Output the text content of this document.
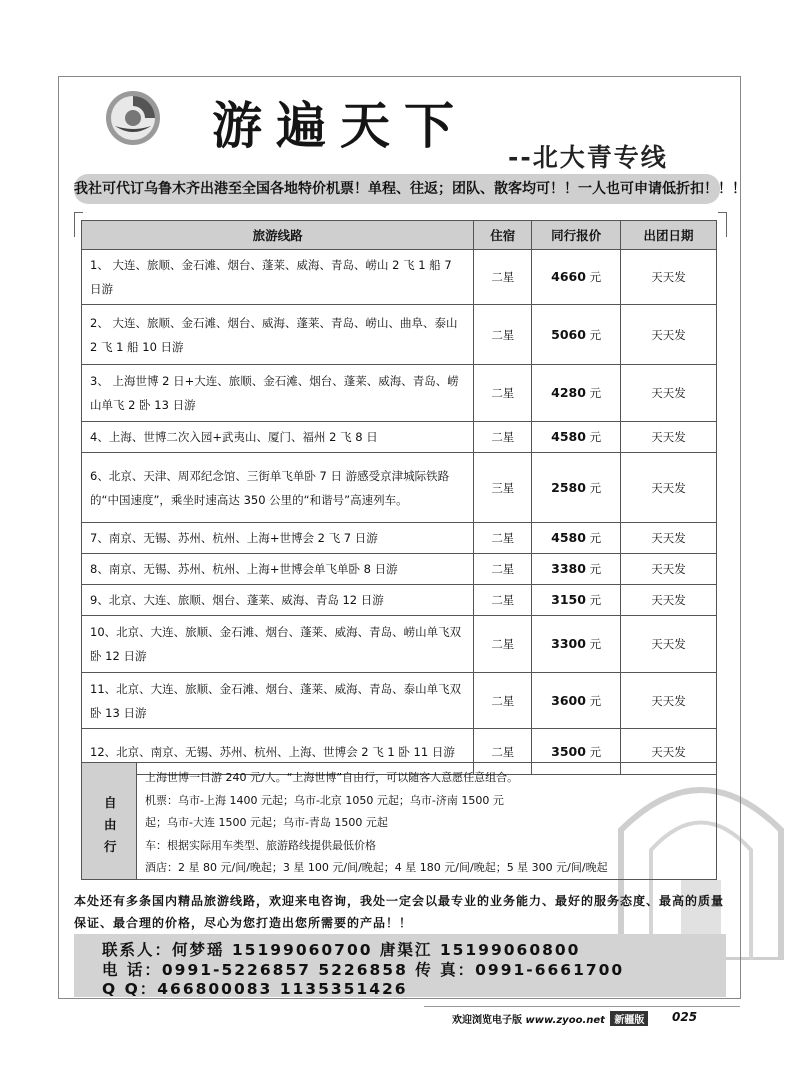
游遍天下
--北大青专线
我社可代订乌鲁木齐出港至全国各地特价机票！单程、往返；团队、散客均可！！一人也可申请低折扣！！！
旅游线路	住宿	同行报价	出团日期
1、 大连、旅顺、金石滩、烟台、蓬莱、威海、青岛、崂山 2 飞 1 船 7 日游	二星	4660 元	天天发
2、 大连、旅顺、金石滩、烟台、威海、蓬莱、青岛、崂山、曲阜、泰山 2 飞 1 船 10 日游	二星	5060 元	天天发
3、 上海世博 2 日+大连、旅顺、金石滩、烟台、蓬莱、威海、青岛、崂山单飞 2 卧 13 日游	二星	4280 元	天天发
4、上海、世博二次入园+武夷山、厦门、福州 2 飞 8 日	二星	4580 元	天天发
6、北京、天津、周邓纪念馆、三街单飞单卧 7 日 游感受京津城际铁路的“中国速度”，乘坐时速高达 350 公里的“和谐号”高速列车。	三星	2580 元	天天发
7、南京、无锡、苏州、杭州、上海+世博会 2 飞 7 日游	二星	4580 元	天天发
8、南京、无锡、苏州、杭州、上海+世博会单飞单卧 8 日游	二星	3380 元	天天发
9、北京、大连、旅顺、烟台、蓬莱、威海、青岛 12 日游	二星	3150 元	天天发
10、北京、大连、旅顺、金石滩、烟台、蓬莱、威海、青岛、崂山单飞双卧 12 日游	二星	3300 元	天天发
11、北京、大连、旅顺、金石滩、烟台、蓬莱、威海、青岛、泰山单飞双卧 13 日游	二星	3600 元	天天发
12、北京、南京、无锡、苏州、杭州、上海、世博会 2 飞 1 卧 11 日游	二星	3500 元	天天发
自
由
行
上海世博一日游 240 元/人。“上海世博”自由行，可以随客人意愿任意组合。
机票：乌市-上海 1400 元起；乌市-北京 1050 元起；乌市-济南 1500 元
起；乌市-大连 1500 元起；乌市-青岛 1500 元起
车：根据实际用车类型、旅游路线提供最低价格
酒店：2 星 80 元/间/晚起；3 星 100 元/间/晚起；4 星 180 元/间/晚起；5 星 300 元/间/晚起
本处还有多条国内精品旅游线路，欢迎来电咨询，我处一定会以最专业的业务能力、最好的服务态度、最高的质量保证、最合理的价格，尽心为您打造出您所需要的产品！！
联系人：何梦瑶 15199060700 唐渠江 15199060800
电 话：0991-5226857 5226858 传 真：0991-6661700
Q Q：466800083 1135351426
欢迎浏览电子版 www.zyoo.net 新疆版	025
